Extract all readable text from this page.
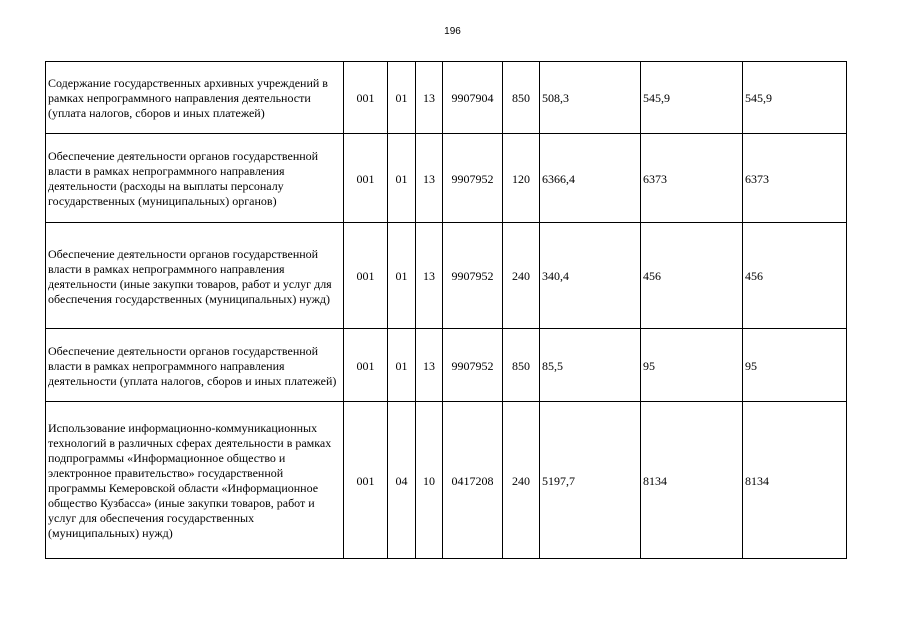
196
Содержание государственных архивных учреждений в рамках непрограммного направления деятельности (уплата налогов, сборов и иных платежей)	001	01	13	9907904	850	508,3	545,9	545,9
Обеспечение деятельности органов государственной власти в рамках непрограммного направления деятельности (расходы на выплаты персоналу государственных (муниципальных) органов)	001	01	13	9907952	120	6366,4	6373	6373
Обеспечение деятельности органов государственной власти в рамках непрограммного направления деятельности (иные закупки товаров, работ и услуг для обеспечения государственных (муниципальных) нужд)	001	01	13	9907952	240	340,4	456	456
Обеспечение деятельности органов государственной власти в рамках непрограммного направления деятельности (уплата налогов, сборов и иных платежей)	001	01	13	9907952	850	85,5	95	95
Использование информационно-коммуникационных технологий в различных сферах деятельности в рамках подпрограммы «Информационное общество и электронное правительство» государственной программы Кемеровской области «Информационное общество Кузбасса» (иные закупки товаров, работ и услуг для обеспечения государственных (муниципальных) нужд)	001	04	10	0417208	240	5197,7	8134	8134
